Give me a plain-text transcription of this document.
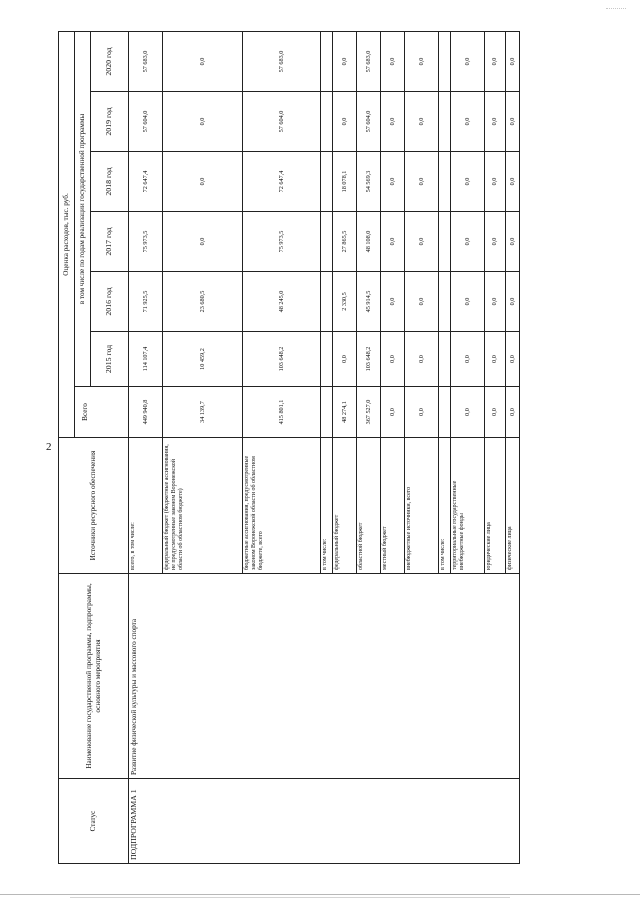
2
Статус	Наименование государственной программы, подпрограммы, основного мероприятия	Источники ресурсного обеспечения	Оценка расходов, тыс. руб.						
			Всего	в том числе по годам реализации государственной программы					
				2015 год	2016 год	2017 год	2018 год	2019 год	2020 год
ПОДПРОГРАММА 1	Развитие физической культуры и массового спорта	всего, в том числе:	449 940,8	114 107,4	71 925,5	75 973,5	72 647,4	57 604,0	57 683,0
		федеральный бюджет (бюджетные ассигнования, не предусмотренные законом Воронежской области об областном бюджете)	34 139,7	10 459,2	23 680,5	0,0	0,0	0,0	0,0
		бюджетные ассигнования, предусмотренные законом Воронежской области об областном бюджете, всего	415 801,1	103 648,2	48 245,0	75 973,5	72 647,4	57 604,0	57 683,0
		в том числе:							
		федеральный бюджет	48 274,1	0,0	2 330,5	27 865,5	18 078,1	0,0	0,0
		областной бюджет	367 527,0	103 648,2	45 914,5	48 108,0	54 569,3	57 604,0	57 683,0
		местный бюджет	0,0	0,0	0,0	0,0	0,0	0,0	0,0
		внебюджетные источники, всего	0,0	0,0	0,0	0,0	0,0	0,0	0,0
		в том числе:							
		территориальные государственные внебюджетные фонды	0,0	0,0	0,0	0,0	0,0	0,0	0,0
		юридические лица	0,0	0,0	0,0	0,0	0,0	0,0	0,0
		физические лица	0,0	0,0	0,0	0,0	0,0	0,0	0,0
